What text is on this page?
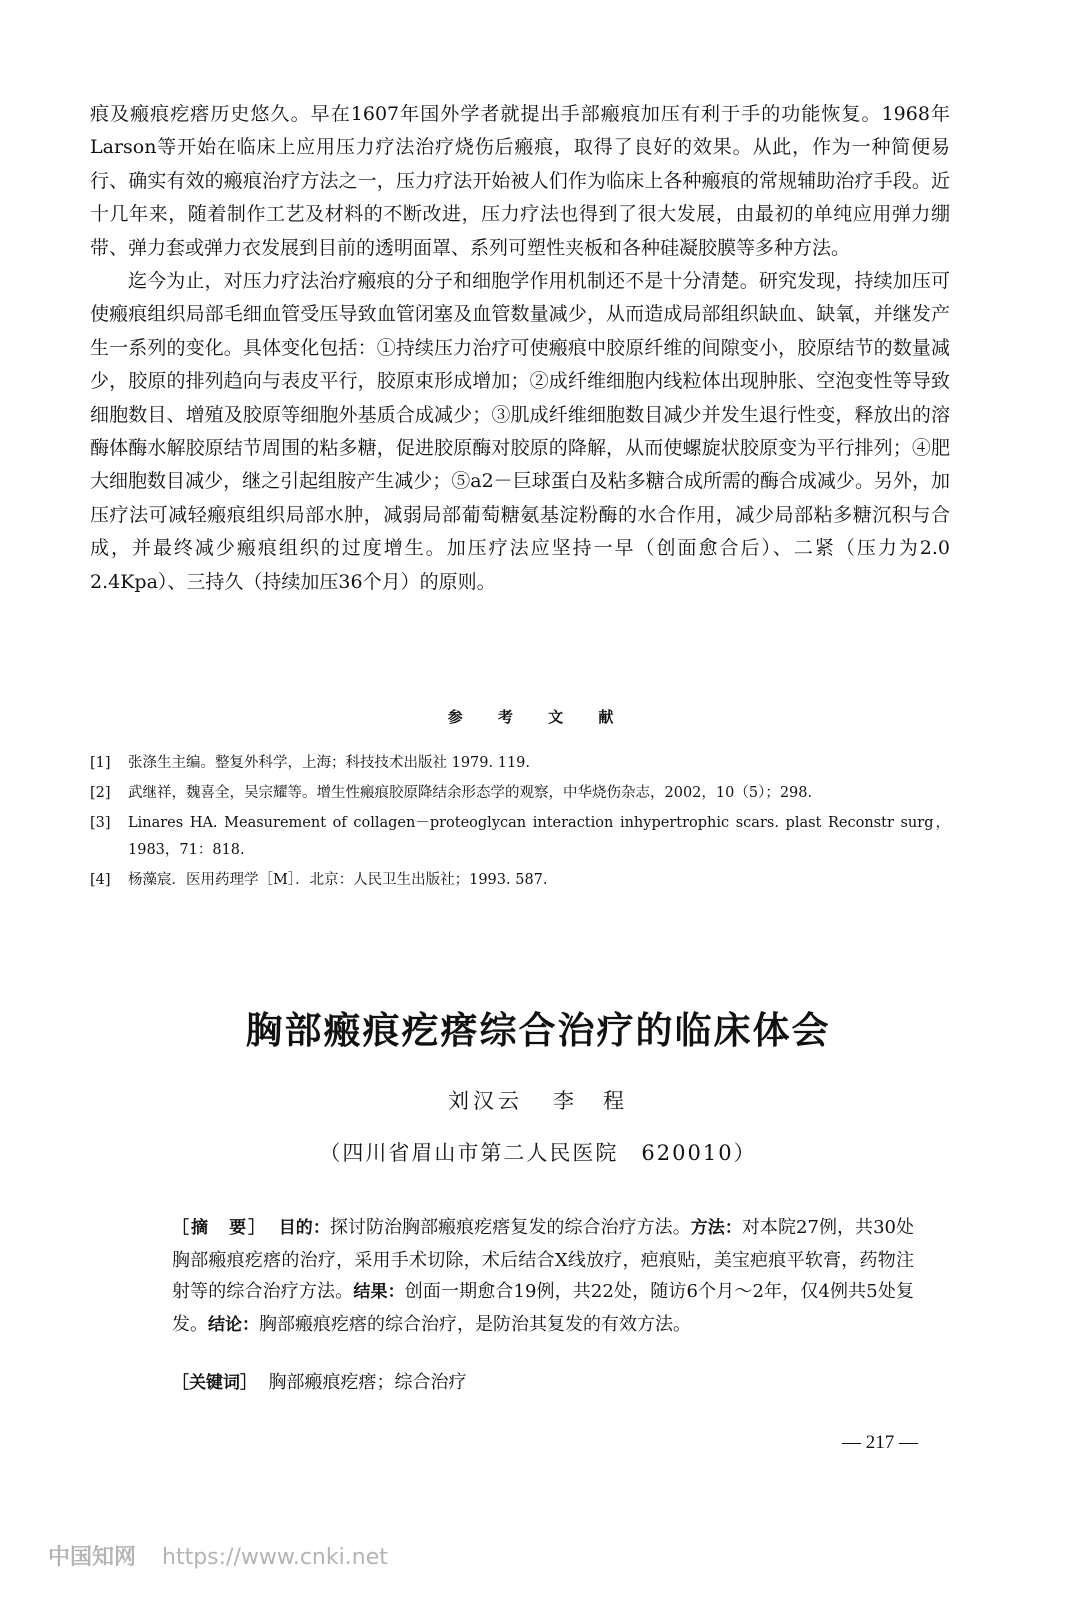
痕及瘢痕疙瘩历史悠久。早在1607年国外学者就提出手部瘢痕加压有利于手的功能恢复。1968年Larson等开始在临床上应用压力疗法治疗烧伤后瘢痕，取得了良好的效果。从此，作为一种简便易行、确实有效的瘢痕治疗方法之一，压力疗法开始被人们作为临床上各种瘢痕的常规辅助治疗手段。近十几年来，随着制作工艺及材料的不断改进，压力疗法也得到了很大发展，由最初的单纯应用弹力绷带、弹力套或弹力衣发展到目前的透明面罩、系列可塑性夹板和各种硅凝胶膜等多种方法。

迄今为止，对压力疗法治疗瘢痕的分子和细胞学作用机制还不是十分清楚。研究发现，持续加压可使瘢痕组织局部毛细血管受压导致血管闭塞及血管数量减少，从而造成局部组织缺血、缺氧，并继发产生一系列的变化。具体变化包括：①持续压力治疗可使瘢痕中胶原纤维的间隙变小，胶原结节的数量减少，胶原的排列趋向与表皮平行，胶原束形成增加；②成纤维细胞内线粒体出现肿胀、空泡变性等导致细胞数目、增殖及胶原等细胞外基质合成减少；③肌成纤维细胞数目减少并发生退行性变，释放出的溶酶体酶水解胶原结节周围的粘多糖，促进胶原酶对胶原的降解，从而使螺旋状胶原变为平行排列；④肥大细胞数目减少，继之引起组胺产生减少；⑤a2－巨球蛋白及粘多糖合成所需的酶合成减少。另外，加压疗法可减轻瘢痕组织局部水肿，减弱局部葡萄糖氨基淀粉酶的水合作用，减少局部粘多糖沉积与合成，并最终减少瘢痕组织的过度增生。加压疗法应坚持一早（创面愈合后）、二紧（压力为2.0　2.4Kpa）、三持久（持续加压36个月）的原则。

参 考 文 献
[1] 张涤生主编。整复外科学，上海；科技技术出版社 1979. 119.
[2] 武继祥，魏喜全，吴宗耀等。增生性瘢痕胶原降结余形态学的观察，中华烧伤杂志，2002，10（5）；298.
[3] Linares HA. Measurement of collagen－proteoglycan interaction inhypertrophic scars. plast Reconstr surg，1983，71：818.
[4] 杨藻宸．医用药理学［M］．北京：人民卫生出版社；1993. 587.
胸部瘢痕疙瘩综合治疗的临床体会
刘汉云 李　程
（四川省眉山市第二人民医院　620010）

［摘　要］ 目的：探讨防治胸部瘢痕疙瘩复发的综合治疗方法。方法：对本院27例，共30处胸部瘢痕疙瘩的治疗，采用手术切除，术后结合X线放疗，疤痕贴，美宝疤痕平软膏，药物注射等的综合治疗方法。结果：创面一期愈合19例，共22处，随访6个月～2年，仅4例共5处复发。结论：胸部瘢痕疙瘩的综合治疗，是防治其复发的有效方法。

［关键词］ 胸部瘢痕疙瘩；综合治疗

— 217 —
中国知网 https://www.cnki.net
